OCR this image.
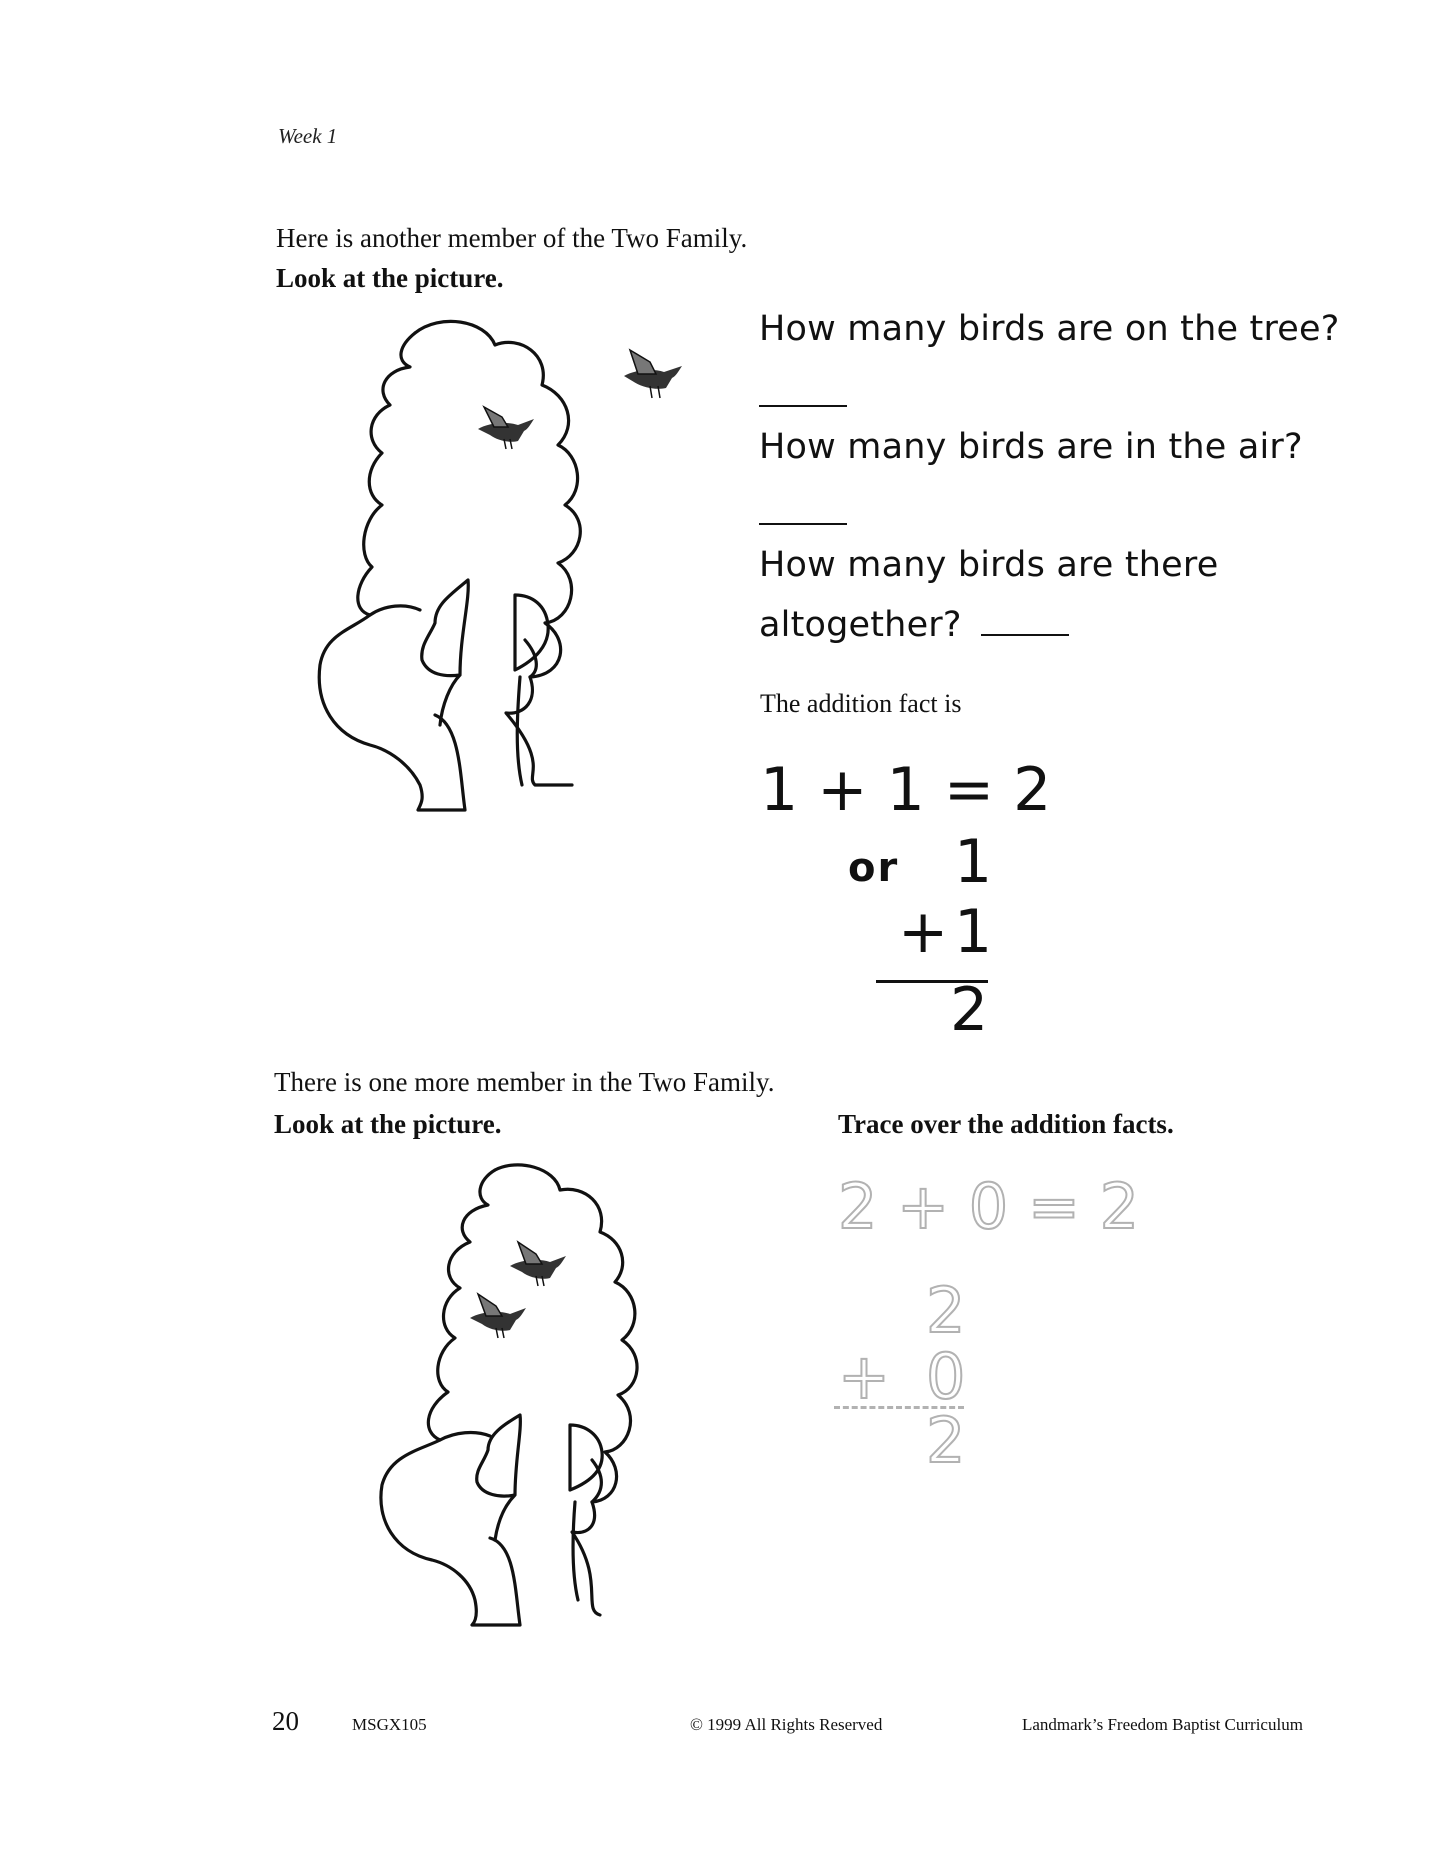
Week 1
Here is another member of the Two Family.
Look at the picture.
How many birds are on the tree?
How many birds are in the air?
How many birds are there
altogether?
The addition fact is
1 + 1 = 2
or 1
+ 1
2
There is one more member in the Two Family.
Look at the picture.	Trace over the addition facts.
2 + 0 = 2
2
+ 0
2
20	MSGX105	© 1999 All Rights Reserved	Landmark’s Freedom Baptist Curriculum
